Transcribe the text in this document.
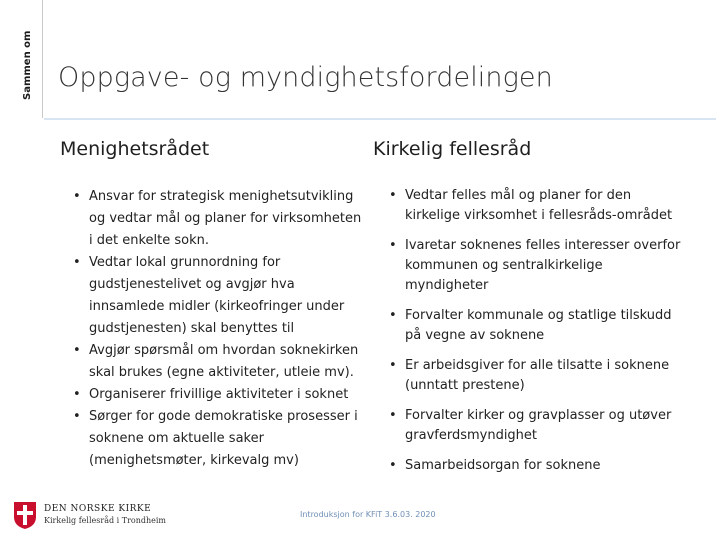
Sammen om Oppgave- og myndighetsfordelingen
Menighetsrådet
• Ansvar for strategisk menighetsutvikling og vedtar mål og planer for virksomheten i det enkelte sokn.
• Vedtar lokal grunnordning for gudstjenestelivet og avgjør hva innsamlede midler (kirkeofringer under gudstjenesten) skal benyttes til
• Avgjør spørsmål om hvordan soknekirken skal brukes (egne aktiviteter, utleie mv).
• Organiserer frivillige aktiviteter i soknet
• Sørger for gode demokratiske prosesser i soknene om aktuelle saker (menighetsmøter, kirkevalg mv)
Kirkelig fellesråd
• Vedtar felles mål og planer for den kirkelige virksomhet i fellesråds-området
• Ivaretar soknenes felles interesser overfor kommunen og sentralkirkelige myndigheter
• Forvalter kommunale og statlige tilskudd på vegne av soknene
• Er arbeidsgiver for alle tilsatte i soknene (unntatt prestene)
• Forvalter kirker og gravplasser og utøver gravferdsmyndighet
• Samarbeidsorgan for soknene
DEN NORSKE KIRKE
Kirkelig fellesråd i Trondheim
Introduksjon for KFiT 3.6.03. 2020
